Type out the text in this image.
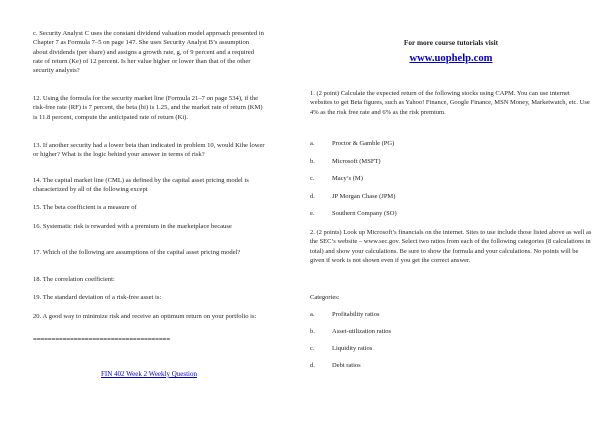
c. Security Analyst C uses the constant dividend valuation model approach presented in Chapter 7 as Formula 7–5 on page 147. She uses Security Analyst B’s assumption about dividends (per share) and assigns a growth rate, g, of 9 percent and a required rate of return (Ke) of 12 percent. Is her value higher or lower than that of the other security analysts?

12. Using the formula for the security market line (Formula 21–7 on page 534), if the risk-free rate (RF) is 7 percent, the beta (bi) is 1.25, and the market rate of return (KM) is 11.8 percent, compute the anticipated rate of return (Ki).

13. If another security had a lower beta than indicated in problem 10, would Kihe lower or higher? What is the logic behind your answer in terms of risk?

14. The capital market line (CML) as defined by the capital asset pricing model is characterized by all of the following except

15. The beta coefficient is a measure of

16. Systematic risk is rewarded with a premium in the marketplace because

17. Which of the following are assumptions of the capital asset pricing model?

18. The correlation coefficient:

19. The standard deviation of a risk-free asset is:

20. A good way to minimize risk and receive an optimum return on your portfolio is:

=====================================
FIN 402 Week 2 Weekly Question
For more course tutorials visit
www.uophelp.com

1. (2 point) Calculate the expected return of the following stocks using CAPM. You can use internet websites to get Beta figures, such as Yahoo! Finance, Google Finance, MSN Money, Marketwatch, etc. Use 4% as the risk free rate and 6% as the risk premium.

a.	Proctor & Gamble (PG)
b.	Microsoft (MSFT)
c.	Macy’s (M)
d.	JP Morgan Chase (JPM)
e.	Southern Company (SO)

2. (2 points) Look up Microsoft’s financials on the internet. Sites to use include those listed above as well as the SEC’s website – www.sec.gov. Select two ratios from each of the following categories (8 calculations in total) and show your calculations. Be sure to show the formula and your calculations. No points will be given if work is not shown even if you get the correct answer.

Categories:
a.	Profitability ratios
b.	Asset-utilization ratios
c.	Liquidity ratios
d.	Debt ratios
